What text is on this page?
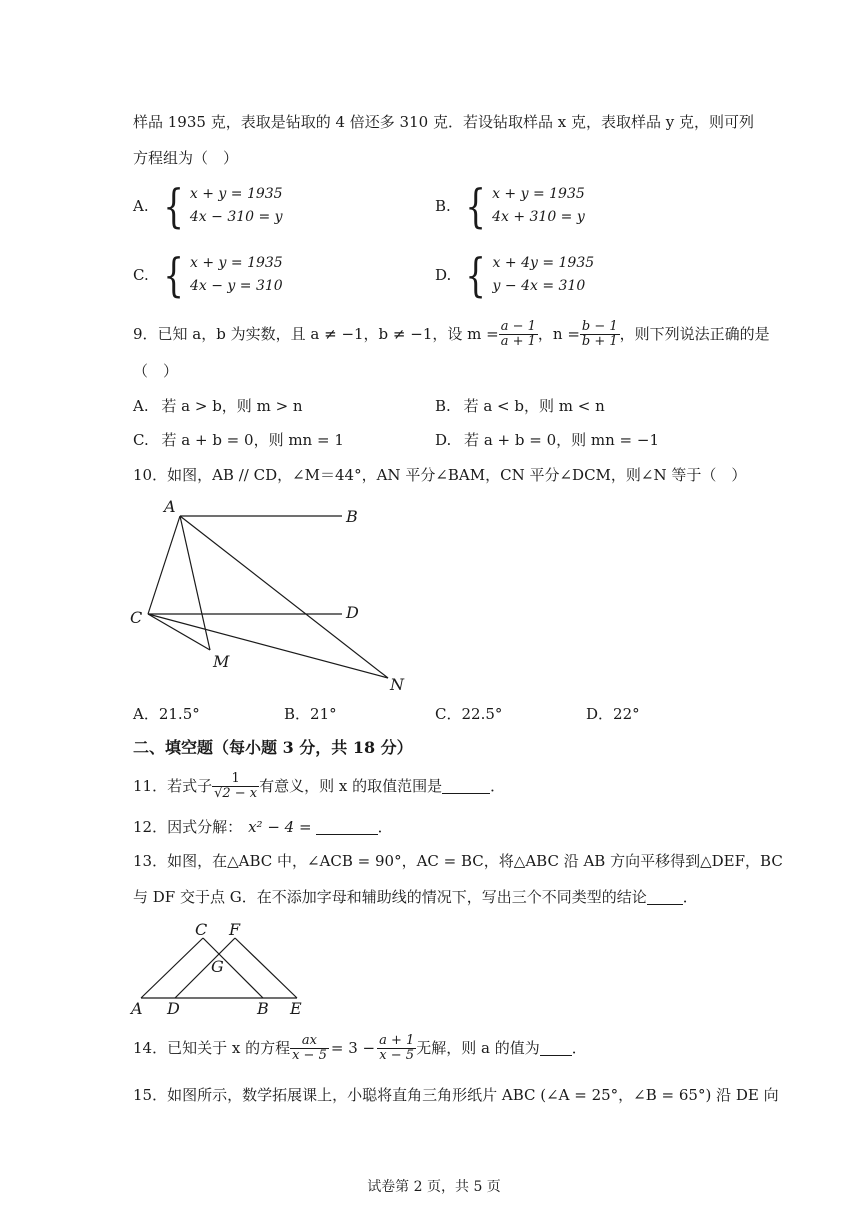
样品 1935 克，表取是钻取的 4 倍还多 310 克．若设钻取样品 x 克，表取样品 y 克，则可列
方程组为（　）
A. { x + y = 1935
4x − 310 = y
B. { x + y = 1935
4x + 310 = y
C. { x + y = 1935
4x − y = 310
D. { x + 4y = 1935
y − 4x = 310
9．已知 a，b 为实数，且 a ≠ −1，b ≠ −1，设 $m = \frac{a - 1}{a + 1}$ ，$n = \frac{b - 1}{b + 1}$ ，则下列说法正确的是
（　）
A. 若 a > b，则 m > n	B. 若 a < b，则 m < n
C. 若 a + b = 0，则 mn = 1	D. 若 a + b = 0，则 mn = −1
10．如图，AB // CD，∠M＝44°，AN 平分∠BAM，CN 平分∠DCM，则∠N 等于（　）
A
B
C	D
M
N
A．21.5°	B．21°	C．22.5°	D．22°
二、填空题（每小题 3 分，共 18 分）
11．若式子 $\frac{1}{√2 - x}$ 有意义，则 x 的取值范围是	．
12．因式分解： x² − 4 =	．
13．如图，在△ABC 中，∠ACB = 90°，AC = BC，将△ABC 沿 AB 方向平移得到△DEF，BC
与 DF 交于点 G．在不添加字母和辅助线的情况下，写出三个不同类型的结论 ．
C F
G
A D	B E
14．已知关于 x 的方程 $\frac{ax}{x - 5} = 3 - \frac{a + 1}{x - 5}$ 无解，则 a 的值为 ．
15．如图所示，数学拓展课上，小聪将直角三角形纸片 ABC (∠A = 25°，∠B = 65°) 沿 DE 向
试卷第 2 页，共 5 页
